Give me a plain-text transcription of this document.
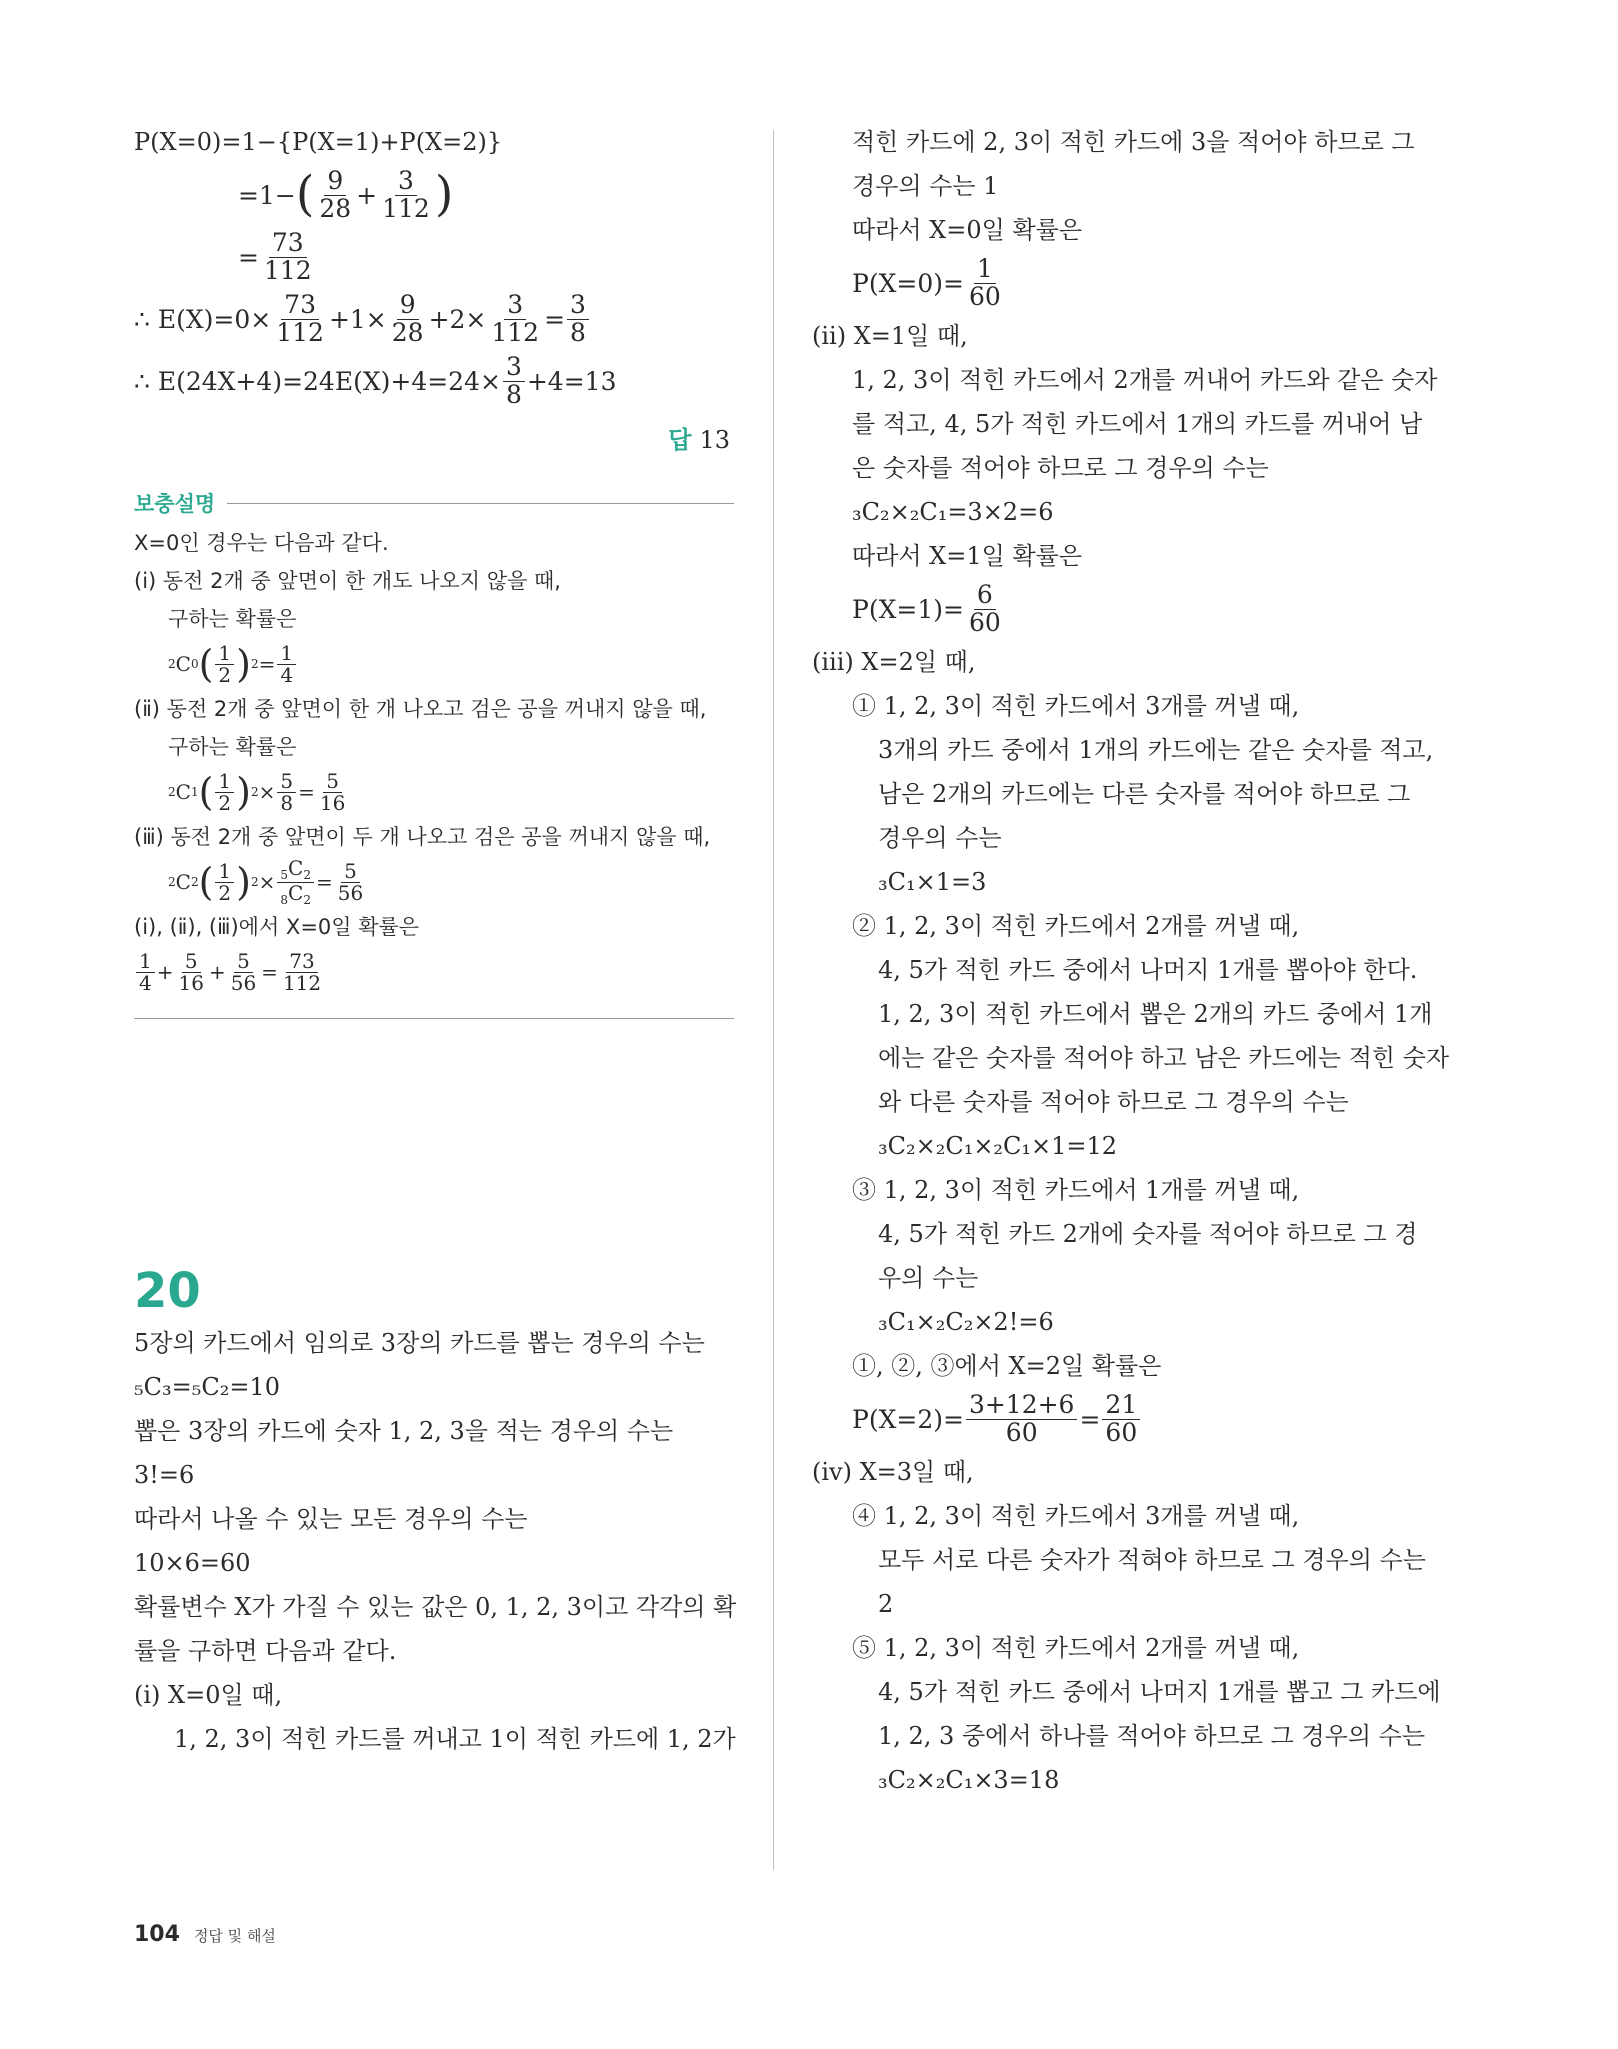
P(X=0)=1−{P(X=1)+P(X=2)}
=1− ( $\frac{9}{28} + \frac{3}{112}$ )
= $\frac{73}{112}$
∴ $E(X)=0\times \frac{73}{112} +1\times \frac{9}{28} +2\times \frac{3}{112} = \frac{3}{8}$
∴ $E(24X+4)=24E(X)+4=24\times \frac{3}{8} +4=13$
답 13
보충설명
X=0인 경우는 다음과 같다.
(ⅰ) 동전 2개 중 앞면이 한 개도 나오지 않을 때,
구하는 확률은
2 C 0 ( $\frac{1}{2}$ ) $2 = \frac{1}{4}$
(ⅱ) 동전 2개 중 앞면이 한 개 나오고 검은 공을 꺼내지 않을 때,
구하는 확률은
2 C 1 ( $\frac{1}{2}$ ) $2 \times \frac{5}{8} = \frac{5}{16}$
(ⅲ) 동전 2개 중 앞면이 두 개 나오고 검은 공을 꺼내지 않을 때,
2 C 2 ( $\frac{1}{2}$ ) $2 \times \frac{_5C_2}{_8C_2} = \frac{5}{56}$
(ⅰ), (ⅱ), (ⅲ)에서 X=0일 확률은
$\frac{1}{4} + \frac{5}{16} + \frac{5}{56} = \frac{73}{112}$
20
5장의 카드에서 임의로 3장의 카드를 뽑는 경우의 수는
₅C₃=₅C₂=10
뽑은 3장의 카드에 숫자 1, 2, 3을 적는 경우의 수는
3!=6
따라서 나올 수 있는 모든 경우의 수는
10×6=60
확률변수 X가 가질 수 있는 값은 0, 1, 2, 3이고 각각의 확
률을 구하면 다음과 같다.
(ⅰ) X=0일 때,
1, 2, 3이 적힌 카드를 꺼내고 1이 적힌 카드에 1, 2가
적힌 카드에 2, 3이 적힌 카드에 3을 적어야 하므로 그
경우의 수는 1
따라서 X=0일 확률은
$P(X=0)= \frac{1}{60}$
(ⅱ) X=1일 때,
1, 2, 3이 적힌 카드에서 2개를 꺼내어 카드와 같은 숫자
를 적고, 4, 5가 적힌 카드에서 1개의 카드를 꺼내어 남
은 숫자를 적어야 하므로 그 경우의 수는
₃C₂×₂C₁=3×2=6
따라서 X=1일 확률은
$P(X=1)= \frac{6}{60}$
(ⅲ) X=2일 때,
① 1, 2, 3이 적힌 카드에서 3개를 꺼낼 때,
3개의 카드 중에서 1개의 카드에는 같은 숫자를 적고,
남은 2개의 카드에는 다른 숫자를 적어야 하므로 그
경우의 수는
₃C₁×1=3
② 1, 2, 3이 적힌 카드에서 2개를 꺼낼 때,
4, 5가 적힌 카드 중에서 나머지 1개를 뽑아야 한다.
1, 2, 3이 적힌 카드에서 뽑은 2개의 카드 중에서 1개
에는 같은 숫자를 적어야 하고 남은 카드에는 적힌 숫자
와 다른 숫자를 적어야 하므로 그 경우의 수는
₃C₂×₂C₁×₂C₁×1=12
③ 1, 2, 3이 적힌 카드에서 1개를 꺼낼 때,
4, 5가 적힌 카드 2개에 숫자를 적어야 하므로 그 경
우의 수는
₃C₁×₂C₂×2!=6
①, ②, ③에서 X=2일 확률은
$P(X=2)= \frac{3+12+6}{60} = \frac{21}{60}$
(ⅳ) X=3일 때,
④ 1, 2, 3이 적힌 카드에서 3개를 꺼낼 때,
모두 서로 다른 숫자가 적혀야 하므로 그 경우의 수는
2
⑤ 1, 2, 3이 적힌 카드에서 2개를 꺼낼 때,
4, 5가 적힌 카드 중에서 나머지 1개를 뽑고 그 카드에
1, 2, 3 중에서 하나를 적어야 하므로 그 경우의 수는
₃C₂×₂C₁×3=18
104 정답 및 해설
